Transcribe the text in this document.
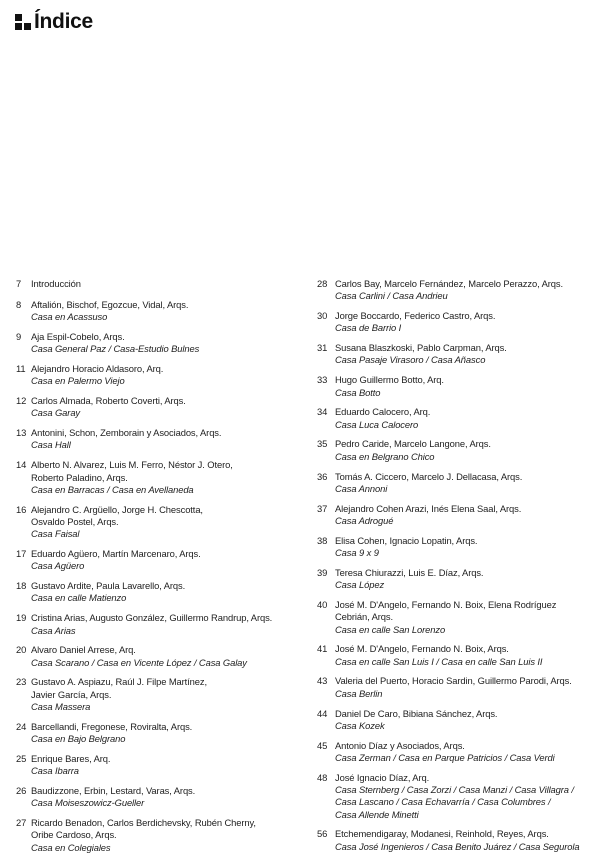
Índice
7 Introducción
8 Aftalión, Bischof, Egozcue, Vidal, Arqs.
Casa en Acassuso
9 Aja Espil-Cobelo, Arqs.
Casa General Paz / Casa-Estudio Bulnes
11 Alejandro Horacio Aldasoro, Arq.
Casa en Palermo Viejo
12 Carlos Almada, Roberto Coverti, Arqs.
Casa Garay
13 Antonini, Schon, Zemborain y Asociados, Arqs.
Casa Hall
14 Alberto N. Alvarez, Luis M. Ferro, Néstor J. Otero,
Roberto Paladino, Arqs.
Casa en Barracas / Casa en Avellaneda
16 Alejandro C. Argüello, Jorge H. Chescotta,
Osvaldo Postel, Arqs.
Casa Faisal
17 Eduardo Agüero, Martín Marcenaro, Arqs.
Casa Agüero
18 Gustavo Ardite, Paula Lavarello, Arqs.
Casa en calle Matienzo
19 Cristina Arias, Augusto González, Guillermo Randrup, Arqs.
Casa Arias
20 Alvaro Daniel Arrese, Arq.
Casa Scarano / Casa en Vicente López / Casa Galay
23 Gustavo A. Aspiazu, Raúl J. Filpe Martínez,
Javier García, Arqs.
Casa Massera
24 Barcellandi, Fregonese, Roviralta, Arqs.
Casa en Bajo Belgrano
25 Enrique Bares, Arq.
Casa Ibarra
26 Baudizzone, Erbin, Lestard, Varas, Arqs.
Casa Moiseszowicz-Gueller
27 Ricardo Benadon, Carlos Berdichevsky, Rubén Cherny,
Oribe Cardoso, Arqs.
Casa en Colegiales
28 Carlos Bay, Marcelo Fernández, Marcelo Perazzo, Arqs.
Casa Carlini / Casa Andrieu
30 Jorge Boccardo, Federico Castro, Arqs.
Casa de Barrio I
31 Susana Blaszkoski, Pablo Carpman, Arqs.
Casa Pasaje Virasoro / Casa Añasco
33 Hugo Guillermo Botto, Arq.
Casa Botto
34 Eduardo Calocero, Arq.
Casa Luca Calocero
35 Pedro Caride, Marcelo Langone, Arqs.
Casa en Belgrano Chico
36 Tomás A. Ciccero, Marcelo J. Dellacasa, Arqs.
Casa Annoni
37 Alejandro Cohen Arazi, Inés Elena Saal, Arqs.
Casa Adrogué
38 Elisa Cohen, Ignacio Lopatin, Arqs.
Casa 9 x 9
39 Teresa Chiurazzi, Luis E. Díaz, Arqs.
Casa López
40 José M. D'Angelo, Fernando N. Boix, Elena Rodríguez
Cebrián, Arqs.
Casa en calle San Lorenzo
41 José M. D'Angelo, Fernando N. Boix, Arqs.
Casa en calle San Luis I / Casa en calle San Luis II
43 Valeria del Puerto, Horacio Sardin, Guillermo Parodi, Arqs.
Casa Berlin
44 Daniel De Caro, Bibiana Sánchez, Arqs.
Casa Kozek
45 Antonio Díaz y Asociados, Arqs.
Casa Zerman / Casa en Parque Patricios / Casa Verdi
48 José Ignacio Díaz, Arq.
Casa Sternberg / Casa Zorzi / Casa Manzi / Casa Villagra /
Casa Lascano / Casa Echavarría / Casa Columbres /
Casa Allende Minetti
56 Etchemendigaray, Modanesi, Reinhold, Reyes, Arqs.
Casa José Ingenieros / Casa Benito Juárez / Casa Segurola
